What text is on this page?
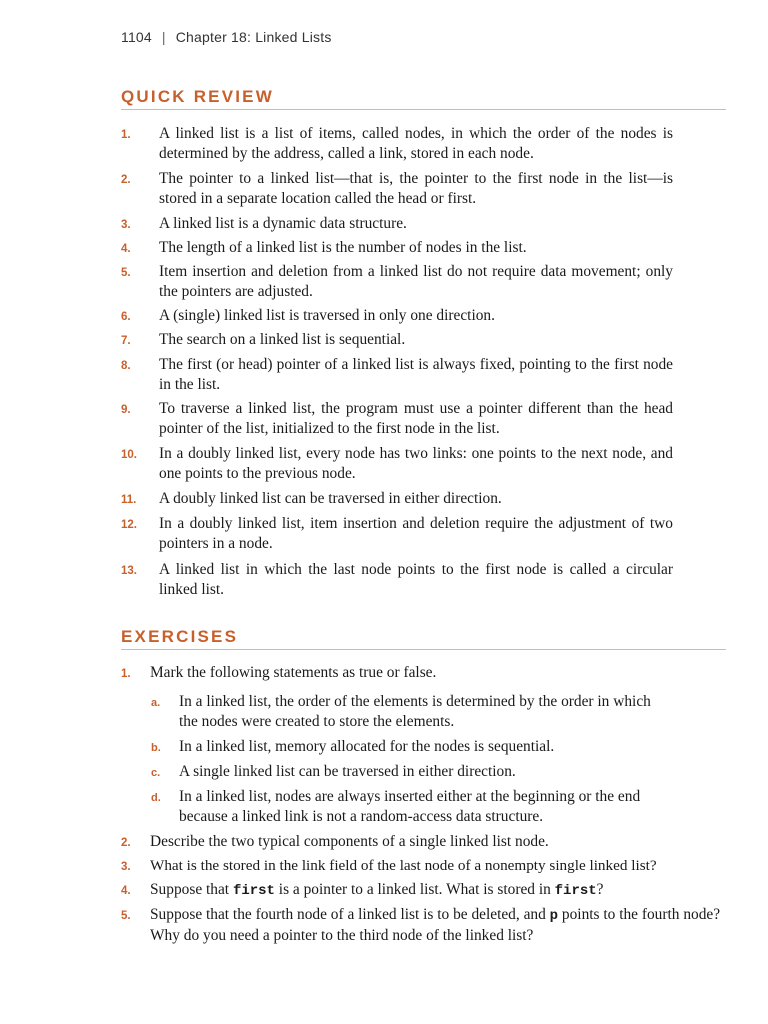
1104 | Chapter 18: Linked Lists
QUICK REVIEW
1.	A linked list is a list of items, called nodes, in which the order of the nodes is determined by the address, called a link, stored in each node.
2.	The pointer to a linked list—that is, the pointer to the first node in the list—is stored in a separate location called the head or first.
3.	A linked list is a dynamic data structure.
4.	The length of a linked list is the number of nodes in the list.
5.	Item insertion and deletion from a linked list do not require data movement; only the pointers are adjusted.
6.	A (single) linked list is traversed in only one direction.
7.	The search on a linked list is sequential.
8.	The first (or head) pointer of a linked list is always fixed, pointing to the first node in the list.
9.	To traverse a linked list, the program must use a pointer different than the head pointer of the list, initialized to the first node in the list.
10.	In a doubly linked list, every node has two links: one points to the next node, and one points to the previous node.
11.	A doubly linked list can be traversed in either direction.
12.	In a doubly linked list, item insertion and deletion require the adjustment of two pointers in a node.
13.	A linked list in which the last node points to the first node is called a circular linked list.
EXERCISES
1.	Mark the following statements as true or false.
a. In a linked list, the order of the elements is determined by the order in which the nodes were created to store the elements.
b. In a linked list, memory allocated for the nodes is sequential.
c. A single linked list can be traversed in either direction.
d. In a linked list, nodes are always inserted either at the beginning or the end because a linked link is not a random-access data structure.
2.	Describe the two typical components of a single linked list node.
3.	What is the stored in the link field of the last node of a nonempty single linked list?
4.	Suppose that first is a pointer to a linked list. What is stored in first?
5.	Suppose that the fourth node of a linked list is to be deleted, and p points to the fourth node? Why do you need a pointer to the third node of the linked list?
